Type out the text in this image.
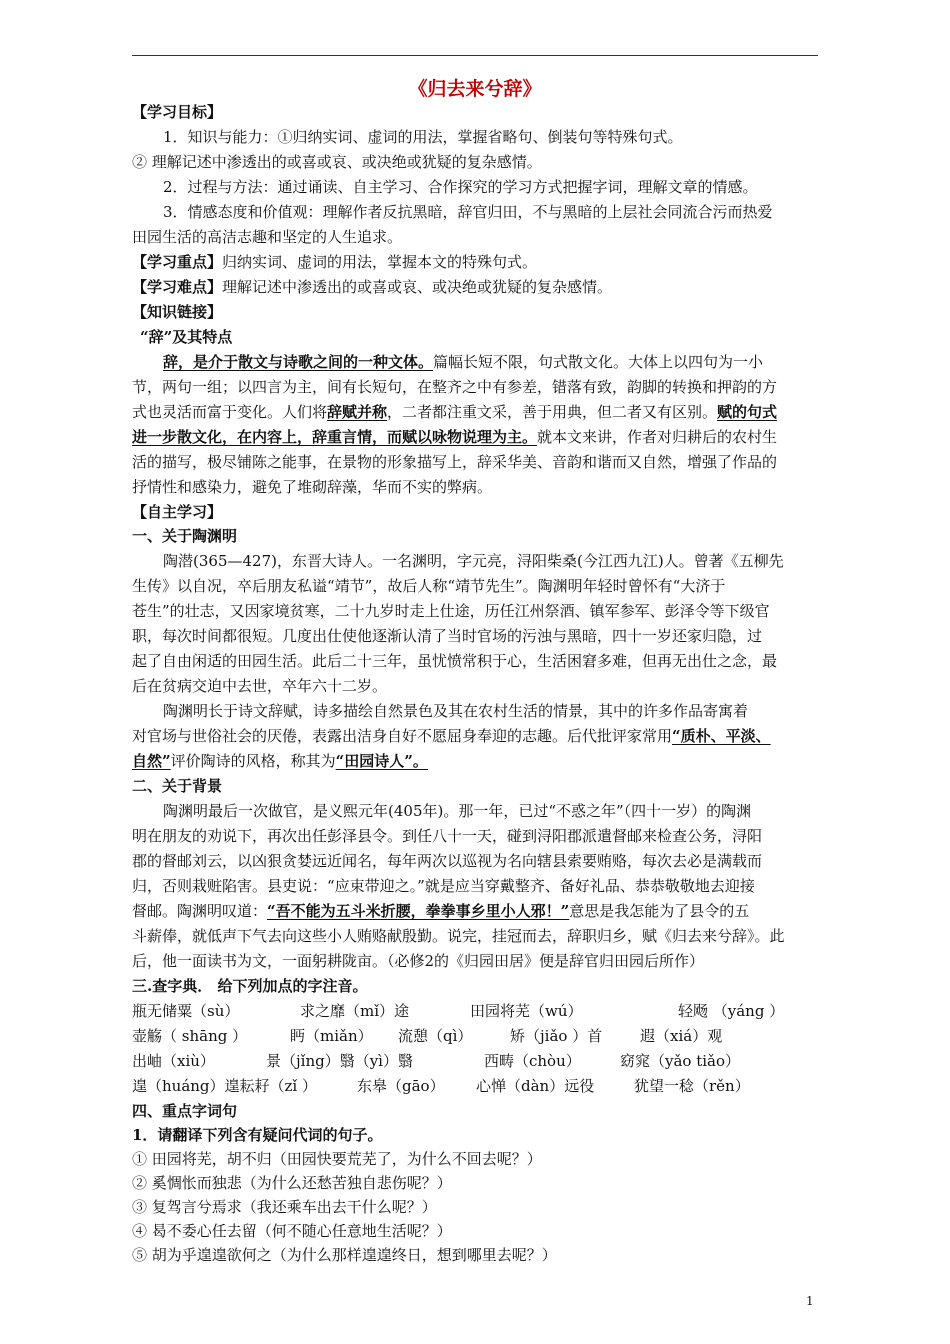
《归去来兮辞》
【学习目标】
1．知识与能力：①归纳实词、虚词的用法，掌握省略句、倒装句等特殊句式。
② 理解记述中渗透出的或喜或哀、或决绝或犹疑的复杂感情。
2．过程与方法：通过诵读、自主学习、合作探究的学习方式把握字词，理解文章的情感。
3．情感态度和价值观：理解作者反抗黑暗，辞官归田，不与黑暗的上层社会同流合污而热爱
田园生活的高洁志趣和坚定的人生追求。
【学习重点】归纳实词、虚词的用法，掌握本文的特殊句式。
【学习难点】理解记述中渗透出的或喜或哀、或决绝或犹疑的复杂感情。
【知识链接】
“辞”及其特点
辞，是介于散文与诗歌之间的一种文体。篇幅长短不限，句式散文化。大体上以四句为一小
节，两句一组；以四言为主，间有长短句，在整齐之中有参差，错落有致，韵脚的转换和押韵的方
式也灵活而富于变化。人们将辞赋并称，二者都注重文采，善于用典，但二者又有区别。赋的句式
进一步散文化，在内容上，辞重言情，而赋以咏物说理为主。就本文来讲，作者对归耕后的农村生
活的描写，极尽铺陈之能事，在景物的形象描写上，辞采华美、音韵和谐而又自然，增强了作品的
抒情性和感染力，避免了堆砌辞藻，华而不实的弊病。
【自主学习】
一、关于陶渊明
陶潜(365—427)，东晋大诗人。一名渊明，字元亮，浔阳柴桑(今江西九江)人。曾著《五柳先
生传》以自况，卒后朋友私谥“靖节”，故后人称“靖节先生”。陶渊明年轻时曾怀有“大济于
苍生”的壮志，又因家境贫寒，二十九岁时走上仕途，历任江州祭酒、镇军参军、彭泽令等下级官
职，每次时间都很短。几度出仕使他逐渐认清了当时官场的污浊与黑暗，四十一岁还家归隐，过
起了自由闲适的田园生活。此后二十三年，虽忧愤常积于心，生活困窘多难，但再无出仕之念，最
后在贫病交迫中去世，卒年六十二岁。
陶渊明长于诗文辞赋，诗多描绘自然景色及其在农村生活的情景，其中的许多作品寄寓着
对官场与世俗社会的厌倦，表露出洁身自好不愿屈身奉迎的志趣。后代批评家常用“质朴、平淡、
自然”评价陶诗的风格，称其为“田园诗人”。
二、关于背景
陶渊明最后一次做官，是义熙元年(405年)。那一年，已过“不惑之年”（四十一岁）的陶渊
明在朋友的劝说下，再次出任彭泽县令。到任八十一天，碰到浔阳郡派遣督邮来检查公务，浔阳
郡的督邮刘云，以凶狠贪婪远近闻名，每年两次以巡视为名向辖县索要贿赂，每次去必是满载而
归，否则栽赃陷害。县吏说：“应束带迎之。”就是应当穿戴整齐、备好礼品、恭恭敬敬地去迎接
督邮。陶渊明叹道：“吾不能为五斗米折腰，拳拳事乡里小人邪！”意思是我怎能为了县令的五
斗薪俸，就低声下气去向这些小人贿赂献殷勤。说完，挂冠而去，辞职归乡，赋《归去来兮辞》。此
后，他一面读书为文，一面躬耕陇亩。（必修2的《归园田居》便是辞官归田园后所作）
三.查字典． 给下列加点的字注音。
瓶无储粟（sù）	求之靡（mǐ）途	田园将芜（wú）	轻飏 （yáng ）
壶觞（ shāng ）	眄（miǎn） 流憩（qì）	矫（jiǎo ）首	遐（xiá）观
出岫（xiù）	景（jǐng）翳（yì）翳	西畴（chòu）	窈窕（yǎo tiǎo）
遑（huáng）遑耘耔（zǐ ）	东皋（gāo） 心惮（dàn）远役	犹望一稔（rěn）
四、重点字词句
1．请翻译下列含有疑问代词的句子。
① 田园将芜，胡不归（田园快要荒芜了，为什么不回去呢？）
② 奚惆怅而独悲（为什么还愁苦独自悲伤呢？）
③ 复驾言兮焉求（我还乘车出去干什么呢？）
④ 曷不委心任去留（何不随心任意地生活呢？）
⑤ 胡为乎遑遑欲何之（为什么那样遑遑终日，想到哪里去呢？）
1
